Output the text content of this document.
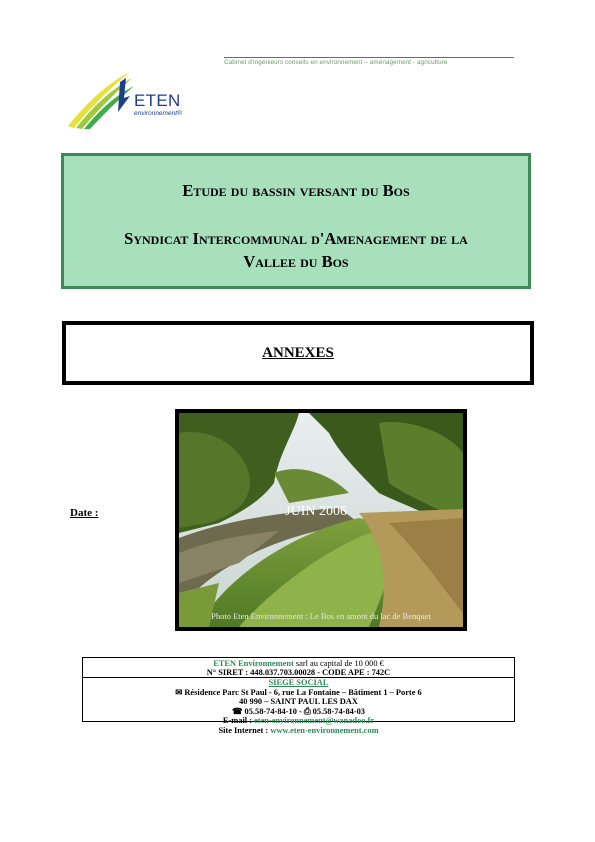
Cabinet d'ingénieurs conseils en environnement – aménagement - agriculture
ETEN
environnement®
Etude du bassin versant du Bos
Syndicat Intercommunal d'Amenagement de la
Vallee du Bos
ANNEXES
Date :	JUIN 2006
Photo Eten Environnement : Le Bos en amont du lac de Benquet
ETEN Environnement sarl au capital de 10 000 €
N° SIRET : 448.037.703.00028 - CODE APE : 742C
SIEGE SOCIAL
✉ Résidence Parc St Paul - 6, rue La Fontaine – Bâtiment 1 – Porte 6
40 990 – SAINT PAUL LES DAX
☎ 05.58-74-84-10 - ⎙ 05.58-74-84-03
E-mail : eten-environnement@wanadoo.fr
Site Internet : www.eten-environnement.com
